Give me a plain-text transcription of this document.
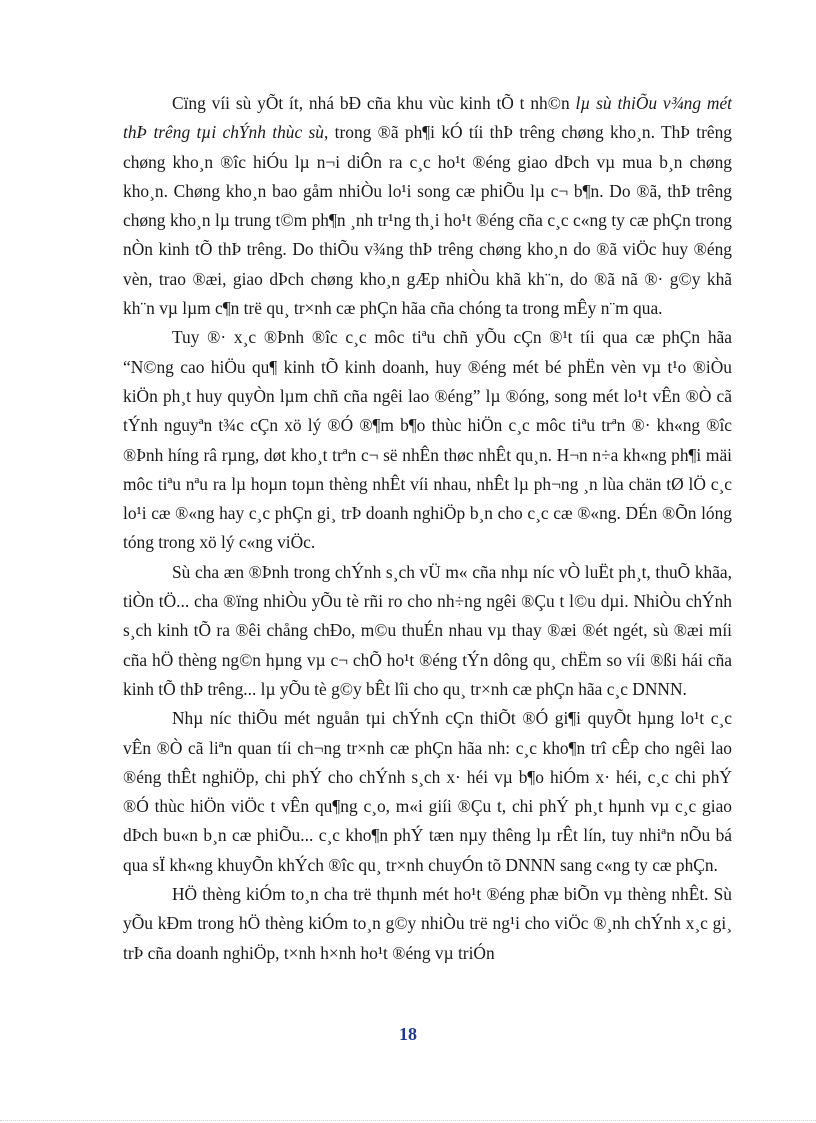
Cïng víi sù yÕt ít, nhá bÐ cña khu vùc kinh tÕ t nh©n lµ sù thiÕu v¾ng mét thÞ trêng tµi chÝnh thùc sù, trong ®ã ph¶i kÓ tíi thÞ trêng chøng kho¸n. ThÞ trêng chøng kho¸n ®îc hiÓu lµ n¬i diÔn ra c¸c ho¹t ®éng giao dÞch vµ mua b¸n chøng kho¸n. Chøng kho¸n bao gåm nhiÒu lo¹i song cæ phiÕu lµ c¬ b¶n. Do ®ã, thÞ trêng chøng kho¸n lµ trung t©m ph¶n ¸nh tr¹ng th¸i ho¹t ®éng cña c¸c c«ng ty cæ phÇn trong nÒn kinh tÕ thÞ trêng. Do thiÕu v¾ng thÞ trêng chøng kho¸n do ®ã viÖc huy ®éng vèn, trao ®æi, giao dÞch chøng kho¸n gÆp nhiÒu khã kh¨n, do ®ã nã ®· g©y khã kh¨n vµ lµm c¶n trë qu¸ tr×nh cæ phÇn hãa cña chóng ta trong mÊy n¨m qua.

Tuy ®· x¸c ®Þnh ®îc c¸c môc tiªu chñ yÕu cÇn ®¹t tíi qua cæ phÇn hãa “N©ng cao hiÖu qu¶ kinh tÕ kinh doanh, huy ®éng mét bé phËn vèn vµ t¹o ®iÒu kiÖn ph¸t huy quyÒn lµm chñ cña ngêi lao ®éng” lµ ®óng, song mét lo¹t vÊn ®Ò cã tÝnh nguyªn t¾c cÇn xö lý ®Ó ®¶m b¶o thùc hiÖn c¸c môc tiªu trªn ®· kh«ng ®îc ®Þnh híng râ rµng, døt kho¸t trªn c¬ së nhÊn thøc nhÊt qu¸n. H¬n n÷a kh«ng ph¶i mäi môc tiªu nªu ra lµ hoµn toµn thèng nhÊt víi nhau, nhÊt lµ ph¬ng ¸n lùa chän tØ lÖ c¸c lo¹i cæ ®«ng hay c¸c phÇn gi¸ trÞ doanh nghiÖp b¸n cho c¸c cæ ®«ng. DÉn ®Õn lóng tóng trong xö lý c«ng viÖc.

Sù cha æn ®Þnh trong chÝnh s¸ch vÜ m« cña nhµ níc vÒ luËt ph¸t, thuÕ khãa, tiÒn tÖ... cha ®ïng nhiÒu yÕu tè rñi ro cho nh÷ng ngêi ®Çu t l©u dµi. NhiÒu chÝnh s¸ch kinh tÕ ra ®êi chång chÐo, m©u thuÉn nhau vµ thay ®æi ®ét ngét, sù ®æi míi cña hÖ thèng ng©n hµng vµ c¬ chÕ ho¹t ®éng tÝn dông qu¸ chËm so víi ®ßi hái cña kinh tÕ thÞ trêng... lµ yÕu tè g©y bÊt lîi cho qu¸ tr×nh cæ phÇn hãa c¸c DNNN.

Nhµ níc thiÕu mét nguån tµi chÝnh cÇn thiÕt ®Ó gi¶i quyÕt hµng lo¹t c¸c vÊn ®Ò cã liªn quan tíi ch¬ng tr×nh cæ phÇn hãa nh: c¸c kho¶n trî cÊp cho ngêi lao ®éng thÊt nghiÖp, chi phÝ cho chÝnh s¸ch x· héi vµ b¶o hiÓm x· héi, c¸c chi phÝ ®Ó thùc hiÖn viÖc t vÊn qu¶ng c¸o, m«i giíi ®Çu t, chi phÝ ph¸t hµnh vµ c¸c giao dÞch bu«n b¸n cæ phiÕu... c¸c kho¶n phÝ tæn nµy thêng lµ rÊt lín, tuy nhiªn nÕu bá qua sÏ kh«ng khuyÕn khÝch ®îc qu¸ tr×nh chuyÓn tõ DNNN sang c«ng ty cæ phÇn.

HÖ thèng kiÓm to¸n cha trë thµnh mét ho¹t ®éng phæ biÕn vµ thèng nhÊt. Sù yÕu kÐm trong hÖ thèng kiÓm to¸n g©y nhiÒu trë ng¹i cho viÖc ®¸nh chÝnh x¸c gi¸ trÞ cña doanh nghiÖp, t×nh h×nh ho¹t ®éng vµ triÓn

18
